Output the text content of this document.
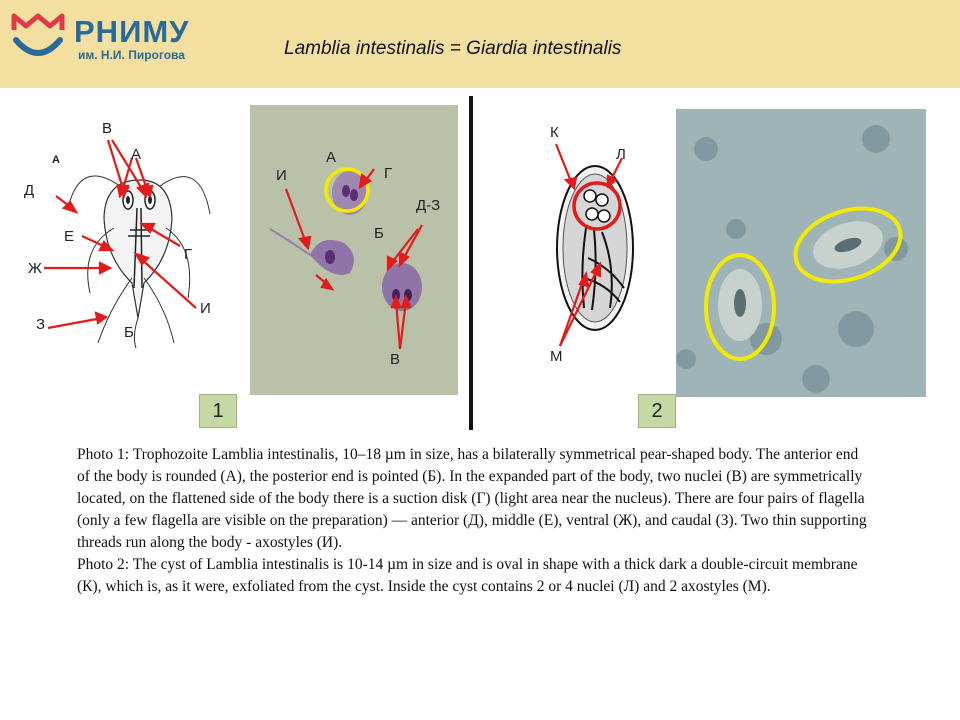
РНИМУ
им. Н.И. Пирогова	Lamblia intestinalis = Giardia intestinalis
A
В
А
Д
Е
Г
Ж
З	Б
И
А
И	Г
Д-З
Б
В
1
К
Л
М
2

Photo 1: Trophozoite Lamblia intestinalis, 10–18 µm in size, has a bilaterally symmetrical pear-shaped body. The anterior end of the body is rounded (А), the posterior end is pointed (Б). In the expanded part of the body, two nuclei (В) are symmetrically located, on the flattened side of the body there is a suction disk (Г) (light area near the nucleus). There are four pairs of flagella (only a few flagella are visible on the preparation) — anterior (Д), middle (Е), ventral (Ж), and caudal (З). Two thin supporting threads run along the body - axostyles (И).

Photo 2: The cyst of Lamblia intestinalis is 10-14 µm in size and is oval in shape with a thick dark a double-circuit membrane (К), which is, as it were, exfoliated from the cyst. Inside the cyst contains 2 or 4 nuclei (Л) and 2 axostyles (М).
